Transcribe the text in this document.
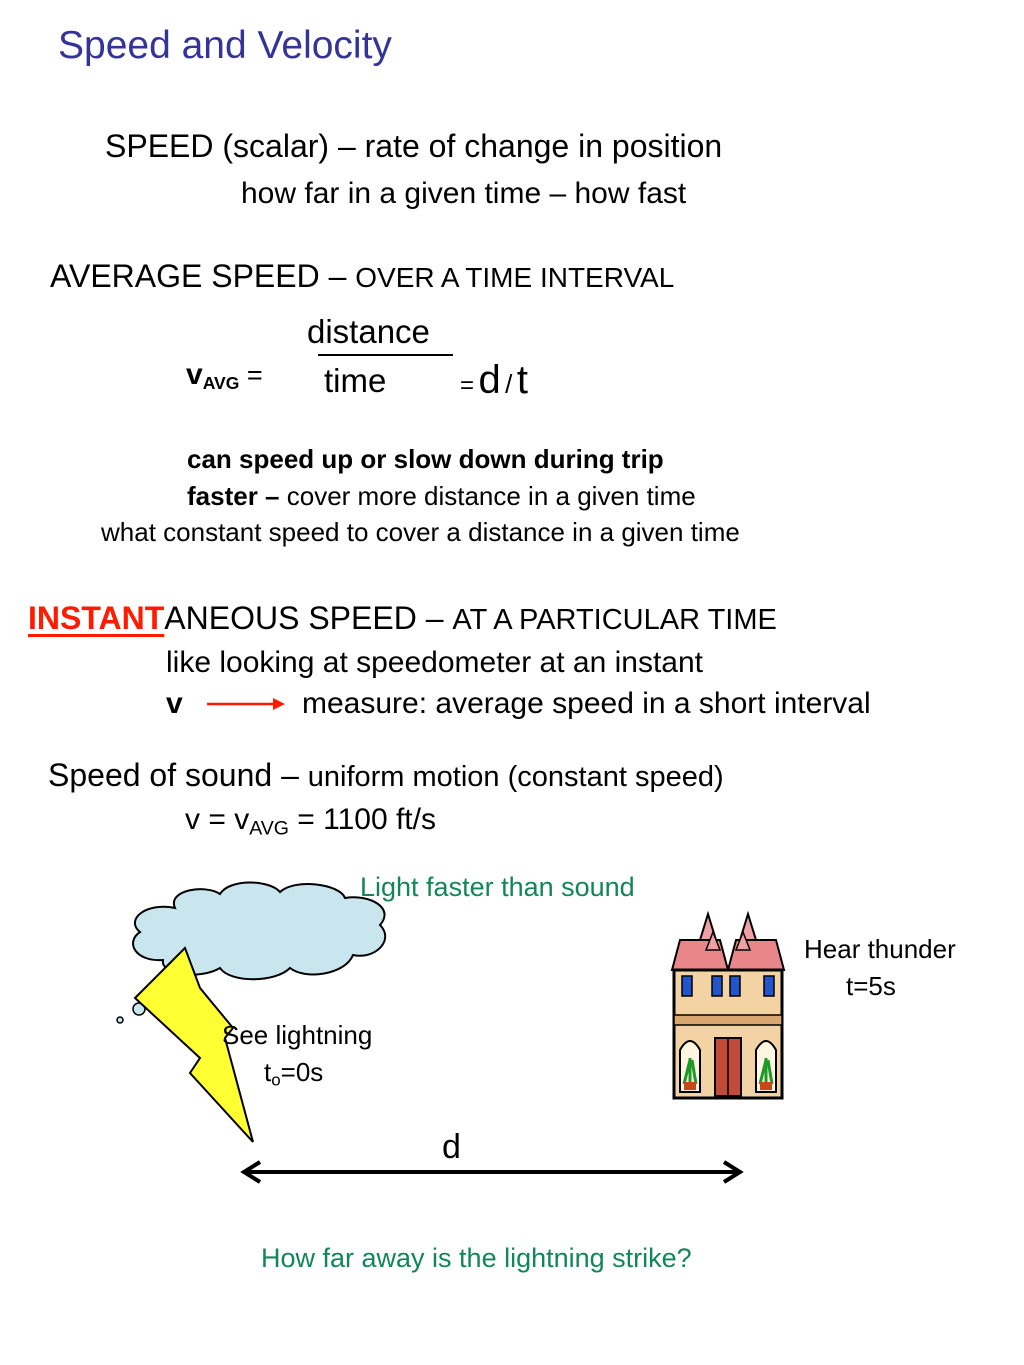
Speed and Velocity
SPEED (scalar) – rate of change in position
how far in a given time – how fast
AVERAGE SPEED – OVER A TIME INTERVAL
distance
time
$v_{AVG}$ =	= d / t
can speed up or slow down during trip
faster – cover more distance in a given time
what constant speed to cover a distance in a given time
INSTANTANEOUS SPEED – AT A PARTICULAR TIME
like looking at speedometer at an instant
v	measure: average speed in a short interval
Speed of sound – uniform motion (constant speed)
$v = v_{AVG} = 1100$ ft/s
Light faster than sound
See lightning
$t_o=0s$
Hear thunder
t=5s
d
How far away is the lightning strike?
